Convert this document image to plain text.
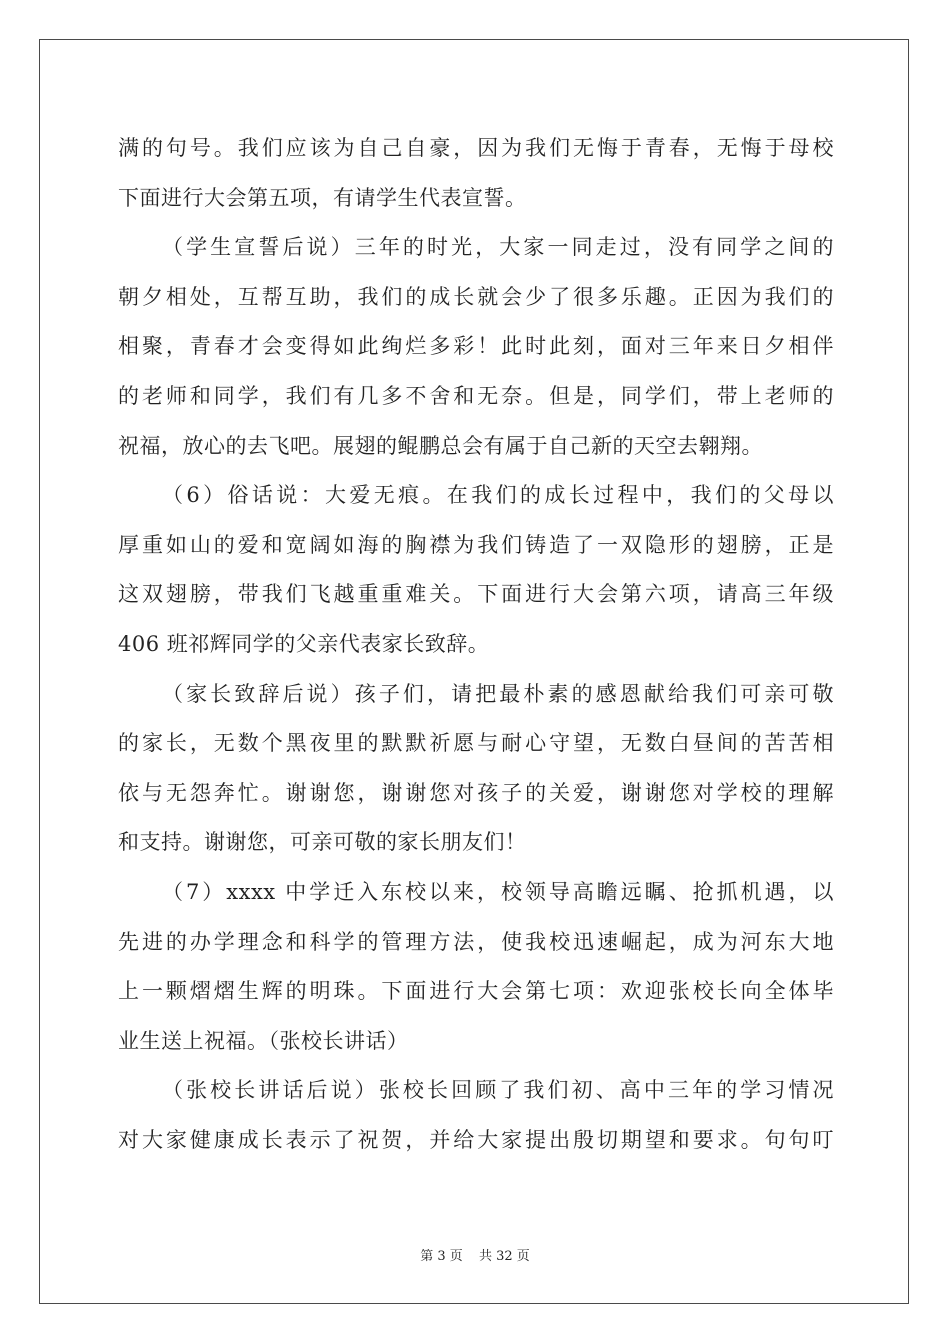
满的句号。我们应该为自己自豪，因为我们无悔于青春，无悔于母校
下面进行大会第五项，有请学生代表宣誓。
（学生宣誓后说）三年的时光，大家一同走过，没有同学之间的
朝夕相处，互帮互助，我们的成长就会少了很多乐趣。正因为我们的
相聚，青春才会变得如此绚烂多彩！此时此刻，面对三年来日夕相伴
的老师和同学，我们有几多不舍和无奈。但是，同学们，带上老师的
祝福，放心的去飞吧。展翅的鲲鹏总会有属于自己新的天空去翱翔。
（6）俗话说：大爱无痕。在我们的成长过程中，我们的父母以
厚重如山的爱和宽阔如海的胸襟为我们铸造了一双隐形的翅膀，正是
这双翅膀，带我们飞越重重难关。下面进行大会第六项，请高三年级
406 班祁辉同学的父亲代表家长致辞。
（家长致辞后说）孩子们，请把最朴素的感恩献给我们可亲可敬
的家长，无数个黑夜里的默默祈愿与耐心守望，无数白昼间的苦苦相
依与无怨奔忙。谢谢您，谢谢您对孩子的关爱，谢谢您对学校的理解
和支持。谢谢您，可亲可敬的家长朋友们！
（7）xxxx 中学迁入东校以来，校领导高瞻远瞩、抢抓机遇，以
先进的办学理念和科学的管理方法，使我校迅速崛起，成为河东大地
上一颗熠熠生辉的明珠。下面进行大会第七项：欢迎张校长向全体毕
业生送上祝福。（张校长讲话）
（张校长讲话后说）张校长回顾了我们初、高中三年的学习情况
对大家健康成长表示了祝贺，并给大家提出殷切期望和要求。句句叮
第 3 页 共 32 页
